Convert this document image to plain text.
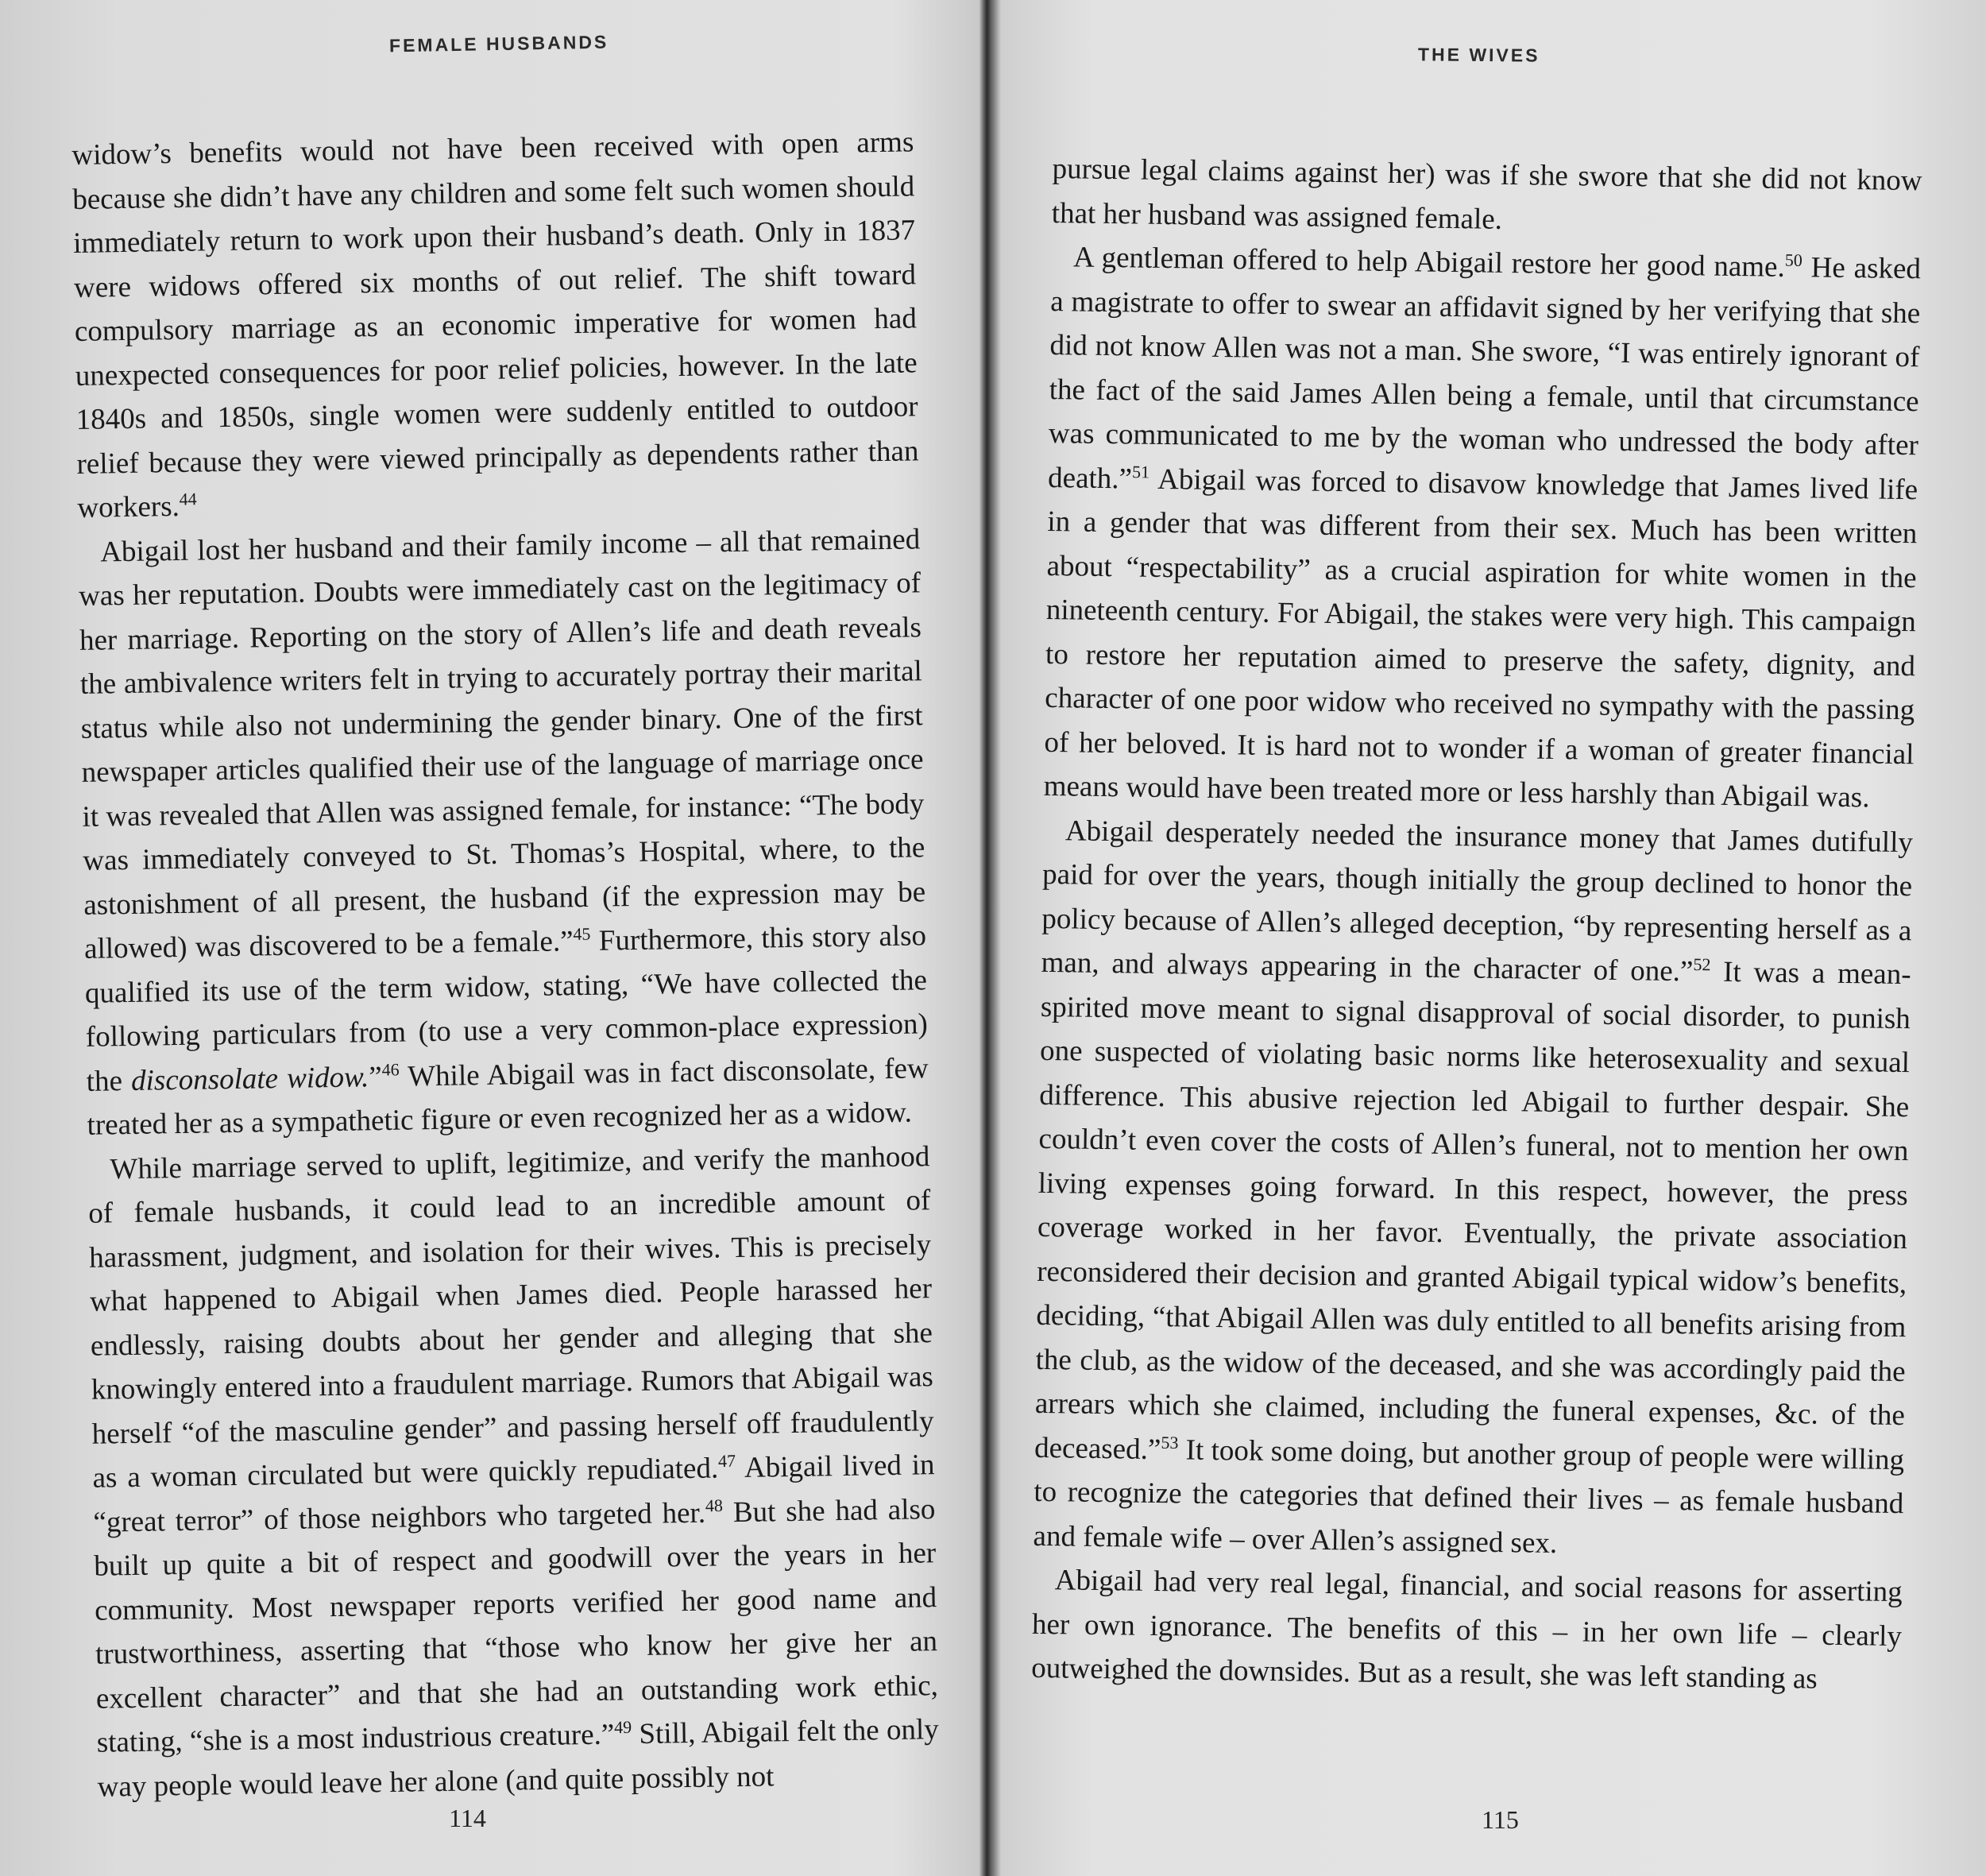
FEMALE HUSBANDS

widow’s benefits would not have been received with open arms because she didn’t have any children and some felt such women should immediately return to work upon their husband’s death. Only in 1837 were widows offered six months of out relief. The shift toward compulsory marriage as an economic imperative for women had unexpected consequences for poor relief policies, however. In the late 1840s and 1850s, single women were suddenly entitled to outdoor relief because they were viewed principally as dependents rather than workers.$^{44}$

Abigail lost her husband and their family income – all that remained was her reputation. Doubts were immediately cast on the legitimacy of her marriage. Reporting on the story of Allen’s life and death reveals the ambivalence writers felt in trying to accurately portray their marital status while also not undermining the gender binary. One of the first newspaper articles qualified their use of the language of marriage once it was revealed that Allen was assigned female, for instance: “The body was immediately conveyed to St. Thomas’s Hospital, where, to the astonishment of all present, the husband (if the expression may be allowed) was discovered to be a female.”$^{45}$ Furthermore, this story also qualified its use of the term widow, stating, “We have collected the following particulars from (to use a very common-place expression) the disconsolate widow.”$^{46}$ While Abigail was in fact disconsolate, few treated her as a sympathetic figure or even recognized her as a widow.

While marriage served to uplift, legitimize, and verify the manhood of female husbands, it could lead to an incredible amount of harassment, judgment, and isolation for their wives. This is precisely what happened to Abigail when James died. People harassed her endlessly, raising doubts about her gender and alleging that she knowingly entered into a fraudulent marriage. Rumors that Abigail was herself “of the masculine gender” and passing herself off fraudulently as a woman circulated but were quickly repudiated.$^{47}$ Abigail lived in “great terror” of those neighbors who targeted her.$^{48}$ But she had also built up quite a bit of respect and goodwill over the years in her community. Most newspaper reports verified her good name and trustworthiness, asserting that “those who know her give her an excellent character” and that she had an outstanding work ethic, stating, “she is a most industrious creature.”$^{49}$ Still, Abigail felt the only way people would leave her alone (and quite possibly not

114
THE WIVES

pursue legal claims against her) was if she swore that she did not know that her husband was assigned female.

A gentleman offered to help Abigail restore her good name.$^{50}$ He asked a magistrate to offer to swear an affidavit signed by her verifying that she did not know Allen was not a man. She swore, “I was entirely ignorant of the fact of the said James Allen being a female, until that circumstance was communicated to me by the woman who undressed the body after death.”$^{51}$ Abigail was forced to disavow knowledge that James lived life in a gender that was different from their sex. Much has been written about “respectability” as a crucial aspiration for white women in the nineteenth century. For Abigail, the stakes were very high. This campaign to restore her reputation aimed to preserve the safety, dignity, and character of one poor widow who received no sympathy with the passing of her beloved. It is hard not to wonder if a woman of greater financial means would have been treated more or less harshly than Abigail was.

Abigail desperately needed the insurance money that James dutifully paid for over the years, though initially the group declined to honor the policy because of Allen’s alleged deception, “by representing herself as a man, and always appearing in the character of one.”$^{52}$ It was a mean-spirited move meant to signal disapproval of social disorder, to punish one suspected of violating basic norms like heterosexuality and sexual difference. This abusive rejection led Abigail to further despair. She couldn’t even cover the costs of Allen’s funeral, not to mention her own living expenses going forward. In this respect, however, the press coverage worked in her favor. Eventually, the private association reconsidered their decision and granted Abigail typical widow’s benefits, deciding, “that Abigail Allen was duly entitled to all benefits arising from the club, as the widow of the deceased, and she was accordingly paid the arrears which she claimed, including the funeral expenses, &c. of the deceased.”$^{53}$ It took some doing, but another group of people were willing to recognize the categories that defined their lives – as female husband and female wife – over Allen’s assigned sex.

Abigail had very real legal, financial, and social reasons for asserting her own ignorance. The benefits of this – in her own life – clearly outweighed the downsides. But as a result, she was left standing as

115
